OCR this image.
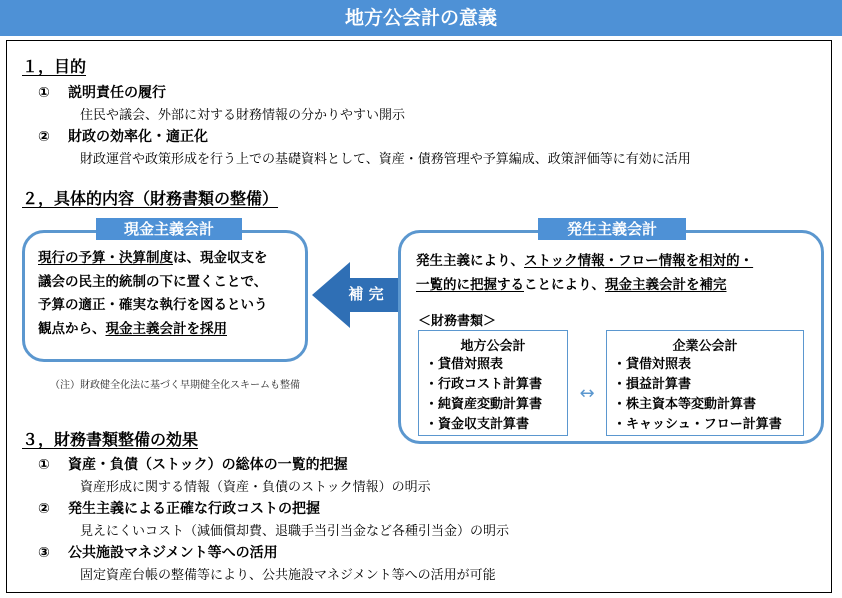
地方公会計の意義
１，目的
① 説明責任の履行
住民や議会、外部に対する財務情報の分かりやすい開示
② 財政の効率化・適正化
財政運営や政策形成を行う上での基礎資料として、資産・債務管理や予算編成、政策評価等に有効に活用
２，具体的内容（財務書類の整備）
現金主義会計
現行の予算・決算制度は、現金収支を
議会の民主的統制の下に置くことで、
予算の適正・確実な執行を図るという
観点から、現金主義会計を採用
（注）財政健全化法に基づく早期健全化スキームも整備
補 完
発生主義会計
発生主義により、ストック情報・フロー情報を相対的・
一覧的に把握することにより、現金主義会計を補完
＜財務書類＞
地方公会計
・貸借対照表
・行政コスト計算書
・純資産変動計算書
・資金収支計算書
↔
企業公会計
・貸借対照表
・損益計算書
・株主資本等変動計算書
・キャッシュ・フロー計算書
３，財務書類整備の効果
① 資産・負債（ストック）の総体の一覧的把握
資産形成に関する情報（資産・負債のストック情報）の明示
② 発生主義による正確な行政コストの把握
見えにくいコスト（減価償却費、退職手当引当金など各種引当金）の明示
③ 公共施設マネジメント等への活用
固定資産台帳の整備等により、公共施設マネジメント等への活用が可能
